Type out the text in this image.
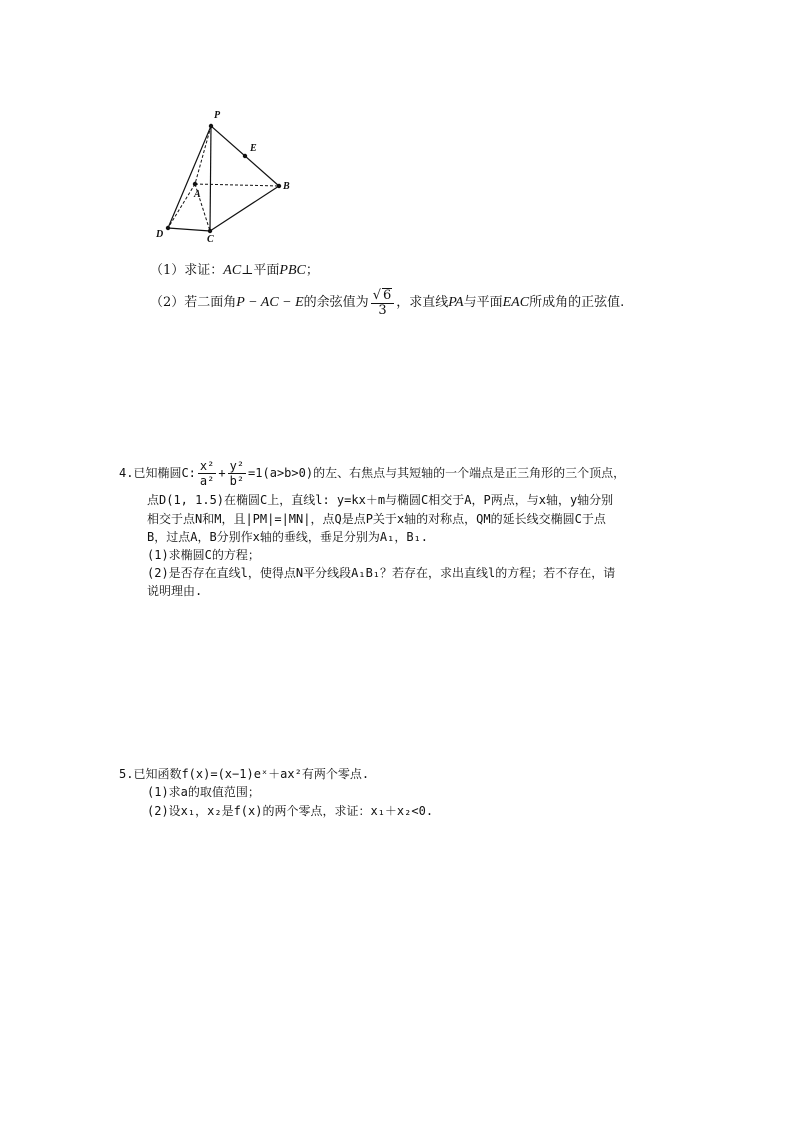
P
E
A
B
D	C
（1）求证：AC⊥平面PBC；
（2）若二面角P − AC − E的余弦值为 $\frac{√ 6}{3}$ ，求直线PA与平面EAC所成角的正弦值.
4.已知椭圆C: $\frac{\text{x²}}{\text{a²}} + \frac{\text{y²}}{\text{b²}} =1(a>b>0)$的左、右焦点与其短轴的一个端点是正三角形的三个顶点，
点D(1, 1.5)在椭圆C上，直线l: y=kx＋m与椭圆C相交于A，P两点，与x轴，y轴分别
相交于点N和M，且|PM|=|MN|，点Q是点P关于x轴的对称点，QM的延长线交椭圆C于点
B，过点A，B分别作x轴的垂线，垂足分别为A₁，B₁.
(1)求椭圆C的方程；
(2)是否存在直线l，使得点N平分线段A₁B₁？若存在，求出直线l的方程；若不存在，请
说明理由.
5.已知函数f(x)=(x−1)eˣ＋ax²有两个零点.
(1)求a的取值范围；
(2)设x₁，x₂是f(x)的两个零点，求证：x₁＋x₂<0.
